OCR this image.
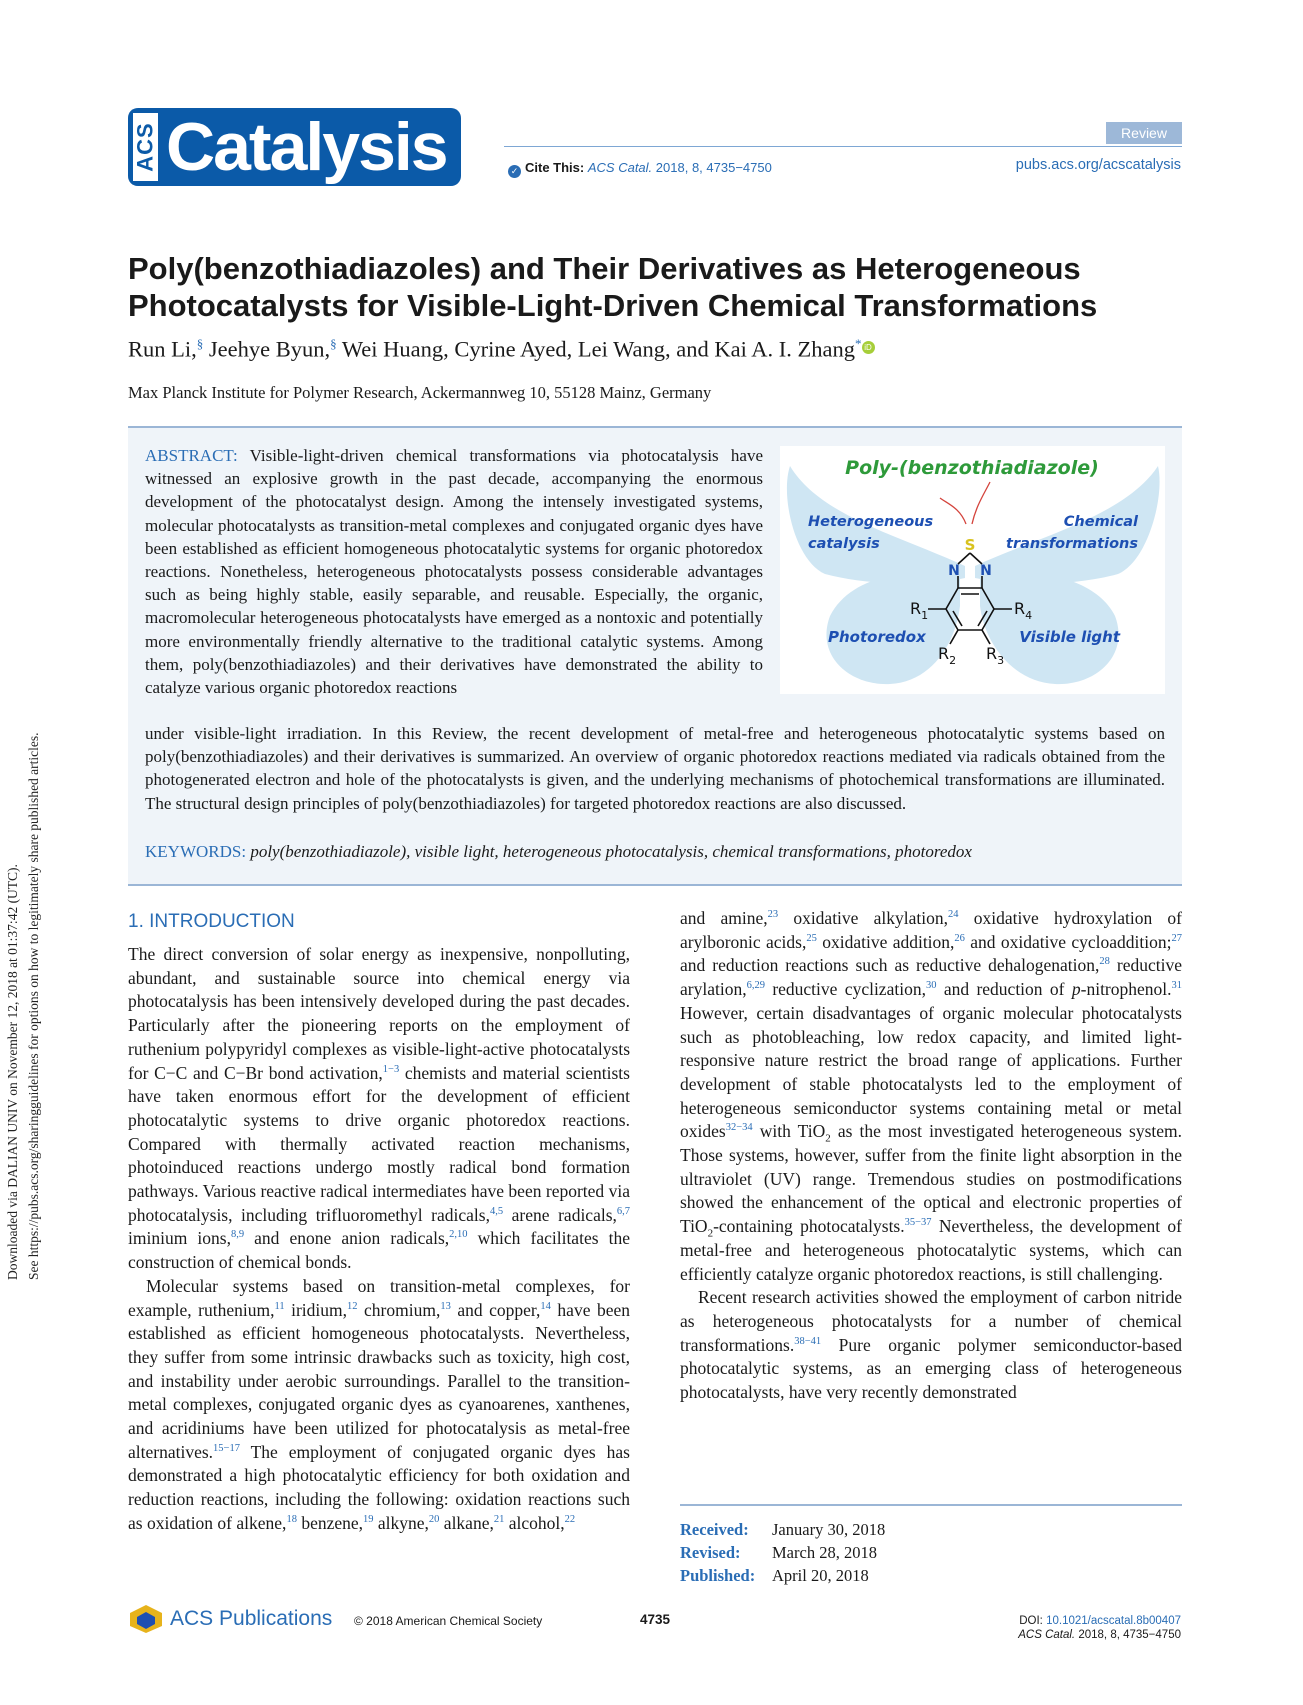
Downloaded via DALIAN UNIV on November 12, 2018 at 01:37:42 (UTC). See https://pubs.acs.org/sharingguidelines for options on how to legitimately share published articles.
ACS Catalysis	Review
✓ Cite This: ACS Catal. 2018, 8, 4735−4750	pubs.acs.org/acscatalysis
Poly(benzothiadiazoles) and Their Derivatives as Heterogeneous Photocatalysts for Visible-Light-Driven Chemical Transformations
Run Li,§ Jeehye Byun,§ Wei Huang, Cyrine Ayed, Lei Wang, and Kai A. I. Zhang* iD
Max Planck Institute for Polymer Research, Ackermannweg 10, 55128 Mainz, Germany
ABSTRACT: Visible-light-driven chemical transformations via photocatalysis have witnessed an explosive growth in the past decade, accompanying the enormous development of the photocatalyst design. Among the intensely investigated systems, molecular photocatalysts as transition-metal complexes and conjugated organic dyes have been established as efficient homogeneous photocatalytic systems for organic photoredox reactions. Nonetheless, heterogeneous photocatalysts possess considerable advantages such as being highly stable, easily separable, and reusable. Especially, the organic, macromolecular heterogeneous photocatalysts have emerged as a nontoxic and potentially more environmentally friendly alternative to the traditional catalytic systems. Among them, poly(benzothiadiazoles) and their derivatives have demonstrated the ability to catalyze various organic photoredox reactions
under visible-light irradiation. In this Review, the recent development of metal-free and heterogeneous photocatalytic systems based on poly(benzothiadiazoles) and their derivatives is summarized. An overview of organic photoredox reactions mediated via radicals obtained from the photogenerated electron and hole of the photocatalysts is given, and the underlying mechanisms of photochemical transformations are illuminated. The structural design principles of poly(benzothiadiazoles) for targeted photoredox reactions are also discussed.
KEYWORDS: poly(benzothiadiazole), visible light, heterogeneous photocatalysis, chemical transformations, photoredox
Poly-(benzothiadiazole)
Heterogeneous
catalysis
Chemical
transformations
Photoredox	Visible light
S
N N
$R_1$	$R_4$
$R_2$ $R_3$
1. INTRODUCTION

The direct conversion of solar energy as inexpensive, nonpolluting, abundant, and sustainable source into chemical energy via photocatalysis has been intensively developed during the past decades. Particularly after the pioneering reports on the employment of ruthenium polypyridyl complexes as visible-light-active photocatalysts for C−C and C−Br bond activation,$^{1-3}$ chemists and material scientists have taken enormous effort for the development of efficient photocatalytic systems to drive organic photoredox reactions. Compared with thermally activated reaction mechanisms, photoinduced reactions undergo mostly radical bond formation pathways. Various reactive radical intermediates have been reported via photocatalysis, including trifluoromethyl radicals,$^{4,5}$ arene radicals,$^{6,7}$ iminium ions,$^{8,9}$ and enone anion radicals,$^{2,10}$ which facilitates the construction of chemical bonds.

Molecular systems based on transition-metal complexes, for example, ruthenium,$^{11}$ iridium,$^{12}$ chromium,$^{13}$ and copper,$^{14}$ have been established as efficient homogeneous photocatalysts. Nevertheless, they suffer from some intrinsic drawbacks such as toxicity, high cost, and instability under aerobic surroundings. Parallel to the transition-metal complexes, conjugated organic dyes as cyanoarenes, xanthenes, and acridiniums have been utilized for photocatalysis as metal-free alternatives.$^{15-17}$ The employment of conjugated organic dyes has demonstrated a high photocatalytic efficiency for both oxidation and reduction reactions, including the following: oxidation reactions such as oxidation of alkene,$^{18}$ benzene,$^{19}$ alkyne,$^{20}$ alkane,$^{21}$ alcohol,$^{22}$

and amine,$^{23}$ oxidative alkylation,$^{24}$ oxidative hydroxylation of arylboronic acids,$^{25}$ oxidative addition,$^{26}$ and oxidative cycloaddition;$^{27}$ and reduction reactions such as reductive dehalogenation,$^{28}$ reductive arylation,$^{6,29}$ reductive cyclization,$^{30}$ and reduction of p-nitrophenol.$^{31}$ However, certain disadvantages of organic molecular photocatalysts such as photobleaching, low redox capacity, and limited light-responsive nature restrict the broad range of applications. Further development of stable photocatalysts led to the employment of heterogeneous semiconductor systems containing metal or metal oxides$^{32-34}$ with TiO$_2$ as the most investigated heterogeneous system. Those systems, however, suffer from the finite light absorption in the ultraviolet (UV) range. Tremendous studies on postmodifications showed the enhancement of the optical and electronic properties of TiO$_2$-containing photocatalysts.$^{35-37}$ Nevertheless, the development of metal-free and heterogeneous photocatalytic systems, which can efficiently catalyze organic photoredox reactions, is still challenging.

Recent research activities showed the employment of carbon nitride as heterogeneous photocatalysts for a number of chemical transformations.$^{38-41}$ Pure organic polymer semiconductor-based photocatalytic systems, as an emerging class of heterogeneous photocatalysts, have very recently demonstrated

Received:	January 30, 2018
Revised:	March 28, 2018
Published:	April 20, 2018
ACS Publications © 2018 American Chemical Society	4735	DOI: 10.1021/acscatal.8b00407
ACS Catal. 2018, 8, 4735−4750
